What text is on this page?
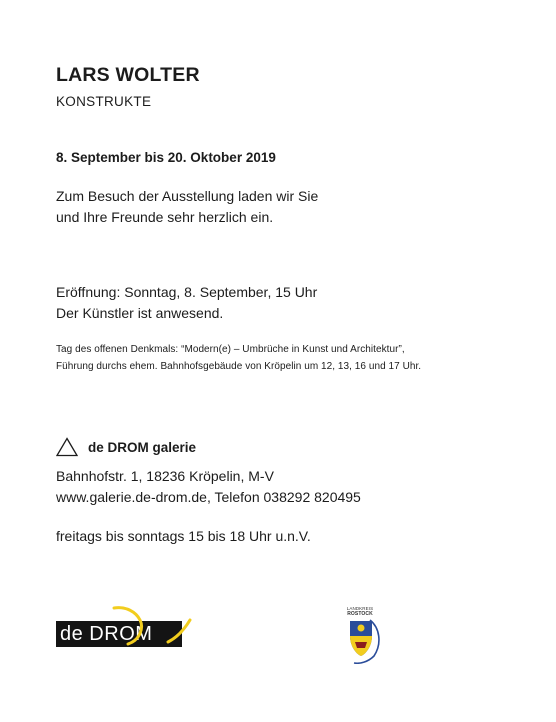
LARS WOLTER
KONSTRUKTE
8. September bis 20. Oktober 2019
Zum Besuch der Ausstellung laden wir Sie
und Ihre Freunde sehr herzlich ein.
Eröffnung: Sonntag, 8. September, 15 Uhr
Der Künstler ist anwesend.
Tag des offenen Denkmals: “Modern(e) – Umbrüche in Kunst und Architektur”,
Führung durchs ehem. Bahnhofsgebäude von Kröpelin um 12, 13, 16 und 17 Uhr.
de DROM galerie
Bahnhofstr. 1, 18236 Kröpelin, M-V
www.galerie.de-drom.de, Telefon 038292 820495
freitags bis sonntags 15 bis 18 Uhr u.n.V.
de DROM
LANDKREIS
ROSTOCK
